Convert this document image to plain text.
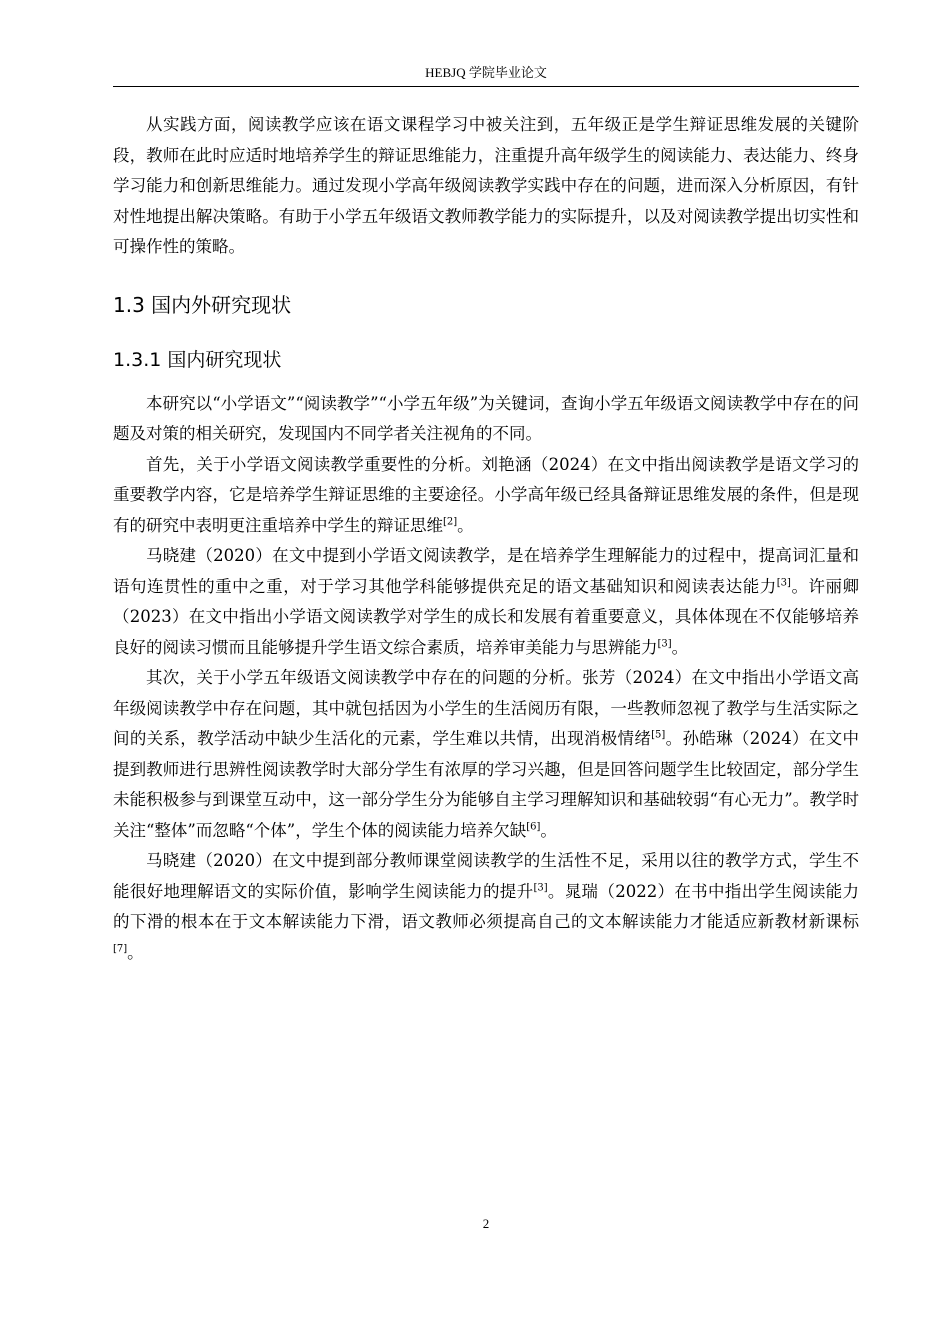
HEBJQ 学院毕业论文

从实践方面，阅读教学应该在语文课程学习中被关注到，五年级正是学生辩证思维发展的关键阶段，教师在此时应适时地培养学生的辩证思维能力，注重提升高年级学生的阅读能力、表达能力、终身学习能力和创新思维能力。通过发现小学高年级阅读教学实践中存在的问题，进而深入分析原因，有针对性地提出解决策略。有助于小学五年级语文教师教学能力的实际提升，以及对阅读教学提出切实性和可操作性的策略。

1.3 国内外研究现状
1.3.1 国内研究现状

本研究以“小学语文”“阅读教学”“小学五年级”为关键词，查询小学五年级语文阅读教学中存在的问题及对策的相关研究，发现国内不同学者关注视角的不同。

首先，关于小学语文阅读教学重要性的分析。刘艳涵（2024）在文中指出阅读教学是语文学习的重要教学内容，它是培养学生辩证思维的主要途径。小学高年级已经具备辩证思维发展的条件，但是现有的研究中表明更注重培养中学生的辩证思维[2]。

马晓建（2020）在文中提到小学语文阅读教学，是在培养学生理解能力的过程中，提高词汇量和语句连贯性的重中之重，对于学习其他学科能够提供充足的语文基础知识和阅读表达能力[3]。许丽卿（2023）在文中指出小学语文阅读教学对学生的成长和发展有着重要意义，具体体现在不仅能够培养良好的阅读习惯而且能够提升学生语文综合素质，培养审美能力与思辨能力[3]。

其次，关于小学五年级语文阅读教学中存在的问题的分析。张芳（2024）在文中指出小学语文高年级阅读教学中存在问题，其中就包括因为小学生的生活阅历有限，一些教师忽视了教学与生活实际之间的关系，教学活动中缺少生活化的元素，学生难以共情，出现消极情绪[5]。孙皓琳（2024）在文中提到教师进行思辨性阅读教学时大部分学生有浓厚的学习兴趣，但是回答问题学生比较固定，部分学生未能积极参与到课堂互动中，这一部分学生分为能够自主学习理解知识和基础较弱“有心无力”。教学时关注“整体”而忽略“个体”，学生个体的阅读能力培养欠缺[6]。

马晓建（2020）在文中提到部分教师课堂阅读教学的生活性不足，采用以往的教学方式，学生不能很好地理解语文的实际价值，影响学生阅读能力的提升[3]。晁瑞（2022）在书中指出学生阅读能力的下滑的根本在于文本解读能力下滑，语文教师必须提高自己的文本解读能力才能适应新教材新课标[7]。

2
